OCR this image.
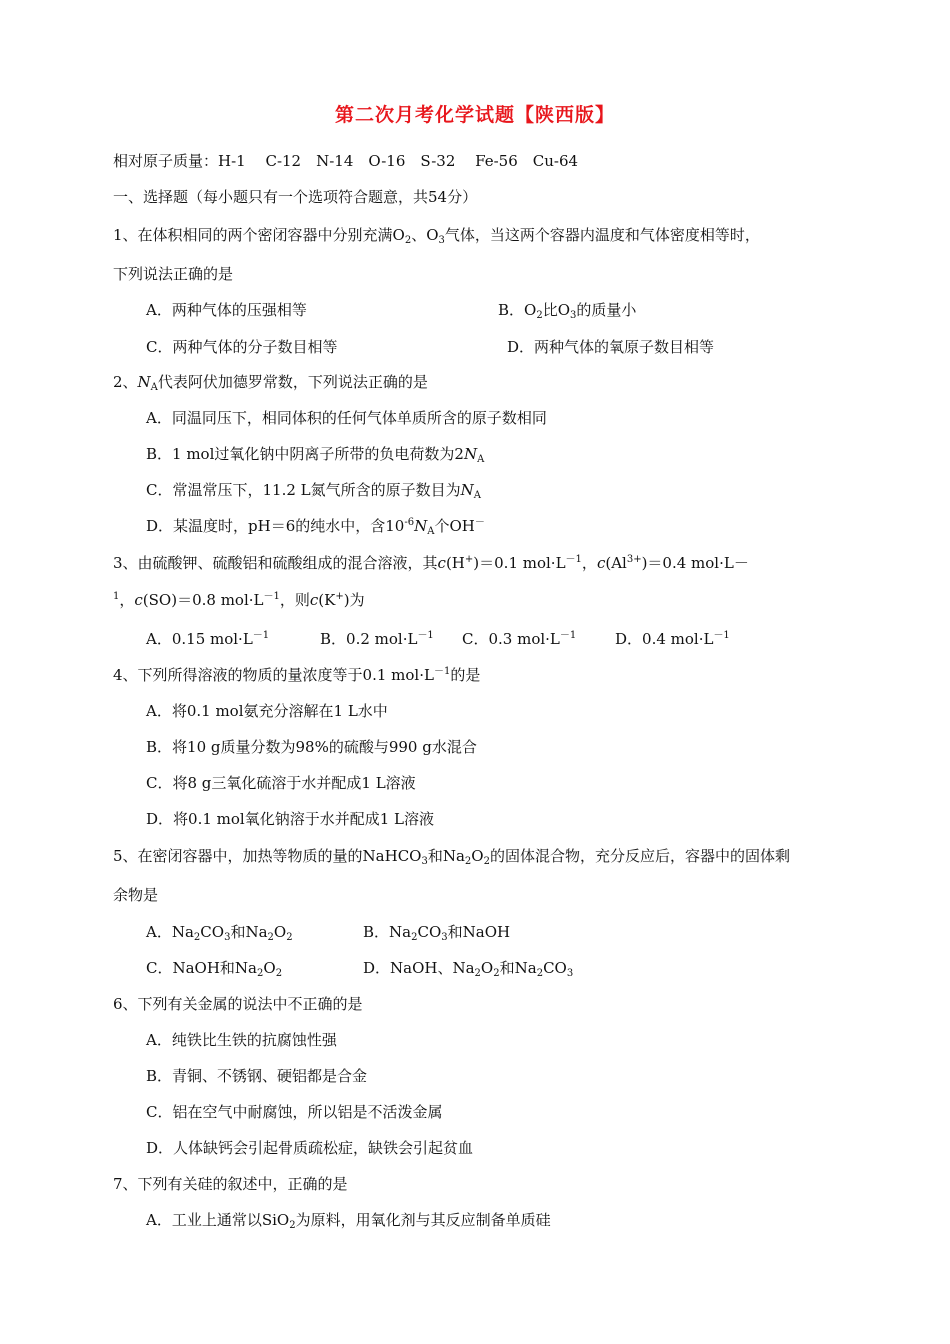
第二次月考化学试题【陕西版】
相对原子质量：H-1　 C-12　N-14　O-16　S-32　 Fe-56　Cu-64
一、选择题（每小题只有一个选项符合题意，共54分）
1、在体积相同的两个密闭容器中分别充满$O_2$、$O_3$气体，当这两个容器内温度和气体密度相等时，
下列说法正确的是
A．两种气体的压强相等	B．$O_2$比$O_3$的质量小
C．两种气体的分子数目相等	D．两种气体的氧原子数目相等
2、$N_A$代表阿伏加德罗常数，下列说法正确的是
A．同温同压下，相同体积的任何气体单质所含的原子数相同
B．1 mol过氧化钠中阴离子所带的负电荷数为$2N_A$
C．常温常压下，11.2 L氮气所含的原子数目为$N_A$
D．某温度时，pH＝6的纯水中，含$10^{-6}N_A$个OH－
3、由硫酸钾、硫酸铝和硫酸组成的混合溶液，其c(H+)＝0.1 $mol\cdot L^{-1}$，$c(Al^{3+})=0.4$ mol·L－
$^1$，c(SO)＝0.8 $mol\cdot L^{-1}$，则c(K+)为
A．0.15 $mol\cdot L^{-1}$	B．0.2 $mol\cdot L^{-1}$ C．0.3 $mol\cdot L^{-1}$	D．0.4 $mol\cdot L^{-1}$
4、下列所得溶液的物质的量浓度等于0.1 $mol\cdot L^{-1}$的是
A．将0.1 mol氨充分溶解在1 L水中
B．将10 g质量分数为98%的硫酸与990 g水混合
C．将8 g三氧化硫溶于水并配成1 L溶液
D．将0.1 mol氧化钠溶于水并配成1 L溶液
5、在密闭容器中，加热等物质的量的NaHCO$_3$和$Na_2O_2$的固体混合物，充分反应后，容器中的固体剩
余物是
A．$Na_2CO_3$和$Na_2O_2$	B．$Na_2CO_3$和NaOH
C．NaOH和$Na_2O_2$	D．NaOH、$Na_2O_2$和$Na_2CO_3$
6、下列有关金属的说法中不正确的是
A．纯铁比生铁的抗腐蚀性强
B．青铜、不锈钢、硬铝都是合金
C．铝在空气中耐腐蚀，所以铝是不活泼金属
D．人体缺钙会引起骨质疏松症，缺铁会引起贫血
7、下列有关硅的叙述中，正确的是
A．工业上通常以SiO$_2$为原料，用氧化剂与其反应制备单质硅
